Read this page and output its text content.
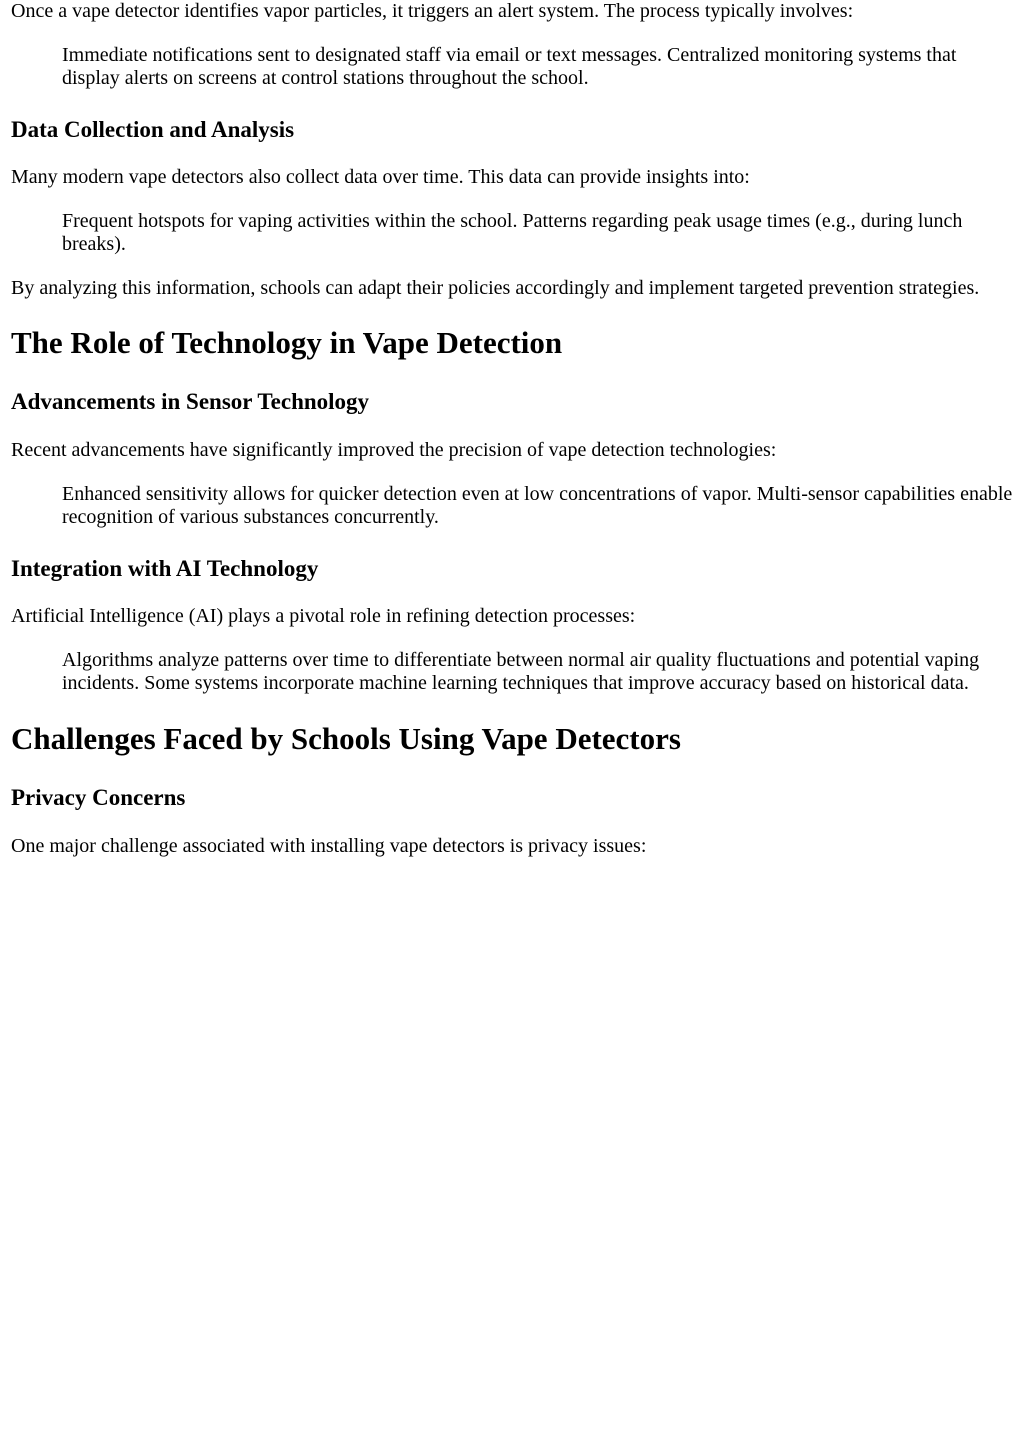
Once a vape detector identifies vapor particles, it triggers an alert system. The process typically involves:

Immediate notifications sent to designated staff via email or text messages. Centralized monitoring systems that display alerts on screens at control stations throughout the school.

Data Collection and Analysis

Many modern vape detectors also collect data over time. This data can provide insights into:

Frequent hotspots for vaping activities within the school. Patterns regarding peak usage times (e.g., during lunch breaks).

By analyzing this information, schools can adapt their policies accordingly and implement targeted prevention strategies.

The Role of Technology in Vape Detection
Advancements in Sensor Technology

Recent advancements have significantly improved the precision of vape detection technologies:

Enhanced sensitivity allows for quicker detection even at low concentrations of vapor. Multi-sensor capabilities enable recognition of various substances concurrently.

Integration with AI Technology

Artificial Intelligence (AI) plays a pivotal role in refining detection processes:

Algorithms analyze patterns over time to differentiate between normal air quality fluctuations and potential vaping incidents. Some systems incorporate machine learning techniques that improve accuracy based on historical data.

Challenges Faced by Schools Using Vape Detectors
Privacy Concerns

One major challenge associated with installing vape detectors is privacy issues:
